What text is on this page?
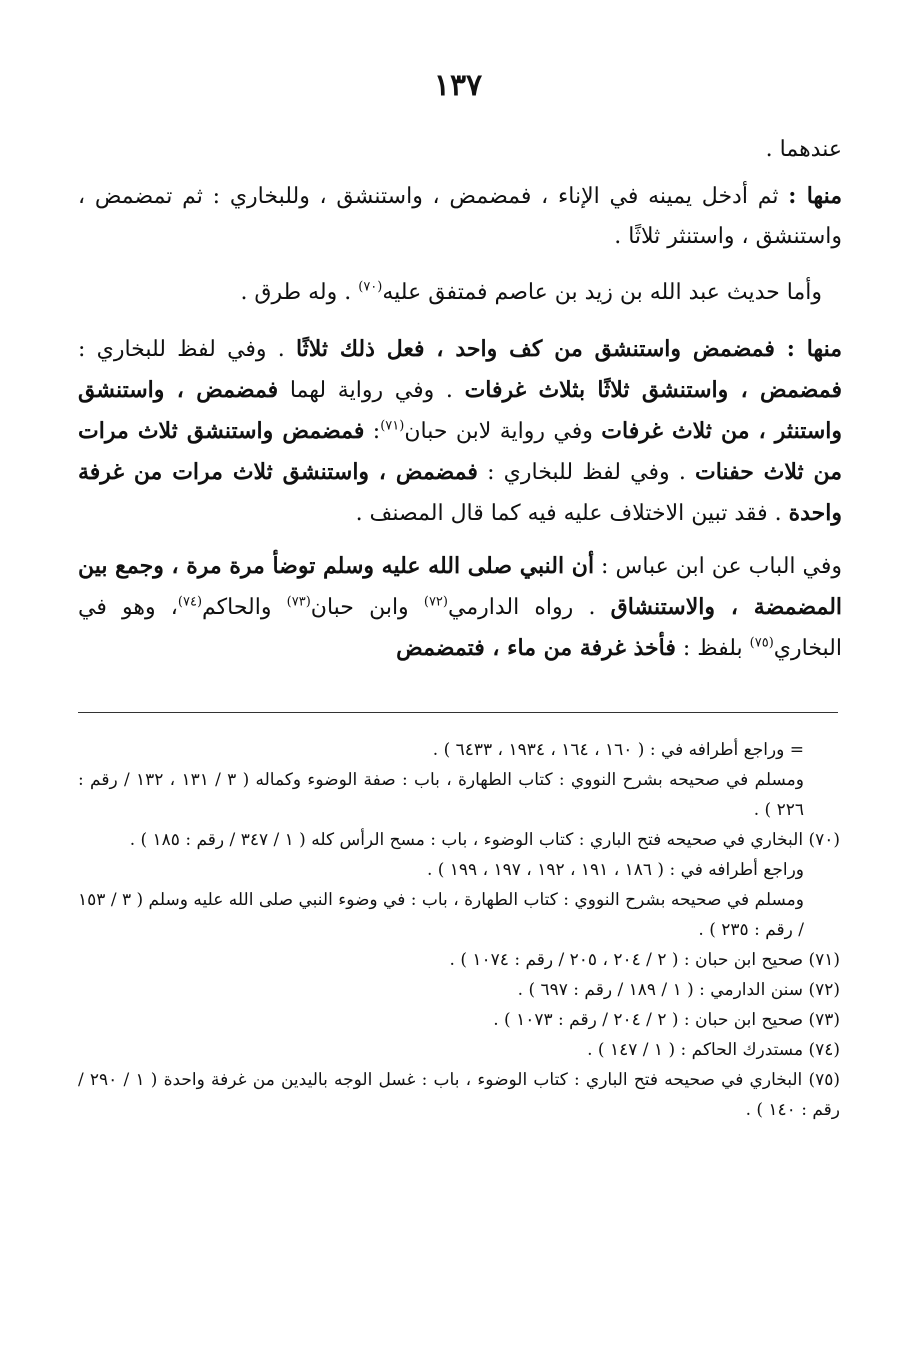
١٣٧

عندهما .

منها : ثم أدخل يمينه في الإناء ، فمضمض ، واستنشق ، وللبخاري : ثم تمضمض ، واستنشق ، واستنثر ثلاثًا .

وأما حديث عبد الله بن زيد بن عاصم فمتفق عليه$^{(٧٠)}$ . وله طرق .

منها : فمضمض واستنشق من كف واحد ، فعل ذلك ثلاثًا . وفي لفظ للبخاري : فمضمض ، واستنشق ثلاثًا بثلاث غرفات . وفي رواية لهما فمضمض ، واستنشق واستنثر ، من ثلاث غرفات وفي رواية لابن حبان$^{(٧١)}$: فمضمض واستنشق ثلاث مرات من ثلاث حفنات . وفي لفظ للبخاري : فمضمض ، واستنشق ثلاث مرات من غرفة واحدة . فقد تبين الاختلاف عليه فيه كما قال المصنف .

وفي الباب عن ابن عباس : أن النبي صلى الله عليه وسلم توضأ مرة مرة ، وجمع بين المضمضة ، والاستنشاق . رواه الدارمي$^{(٧٢)}$ وابن حبان$^{(٧٣)}$ والحاكم$^{(٧٤)}$، وهو في البخاري$^{(٧٥)}$ بلفظ : فأخذ غرفة من ماء ، فتمضمض

= وراجع أطرافه في : ( ١٦٠ ، ١٦٤ ، ١٩٣٤ ، ٦٤٣٣ ) .

ومسلم في صحيحه بشرح النووي : كتاب الطهارة ، باب : صفة الوضوء وكماله ( ٣ / ١٣١ ، ١٣٢ / رقم : ٢٢٦ ) .

(٧٠) البخاري في صحيحه فتح الباري : كتاب الوضوء ، باب : مسح الرأس كله ( ١ / ٣٤٧ / رقم : ١٨٥ ) .

وراجع أطرافه في : ( ١٨٦ ، ١٩١ ، ١٩٢ ، ١٩٧ ، ١٩٩ ) .

ومسلم في صحيحه بشرح النووي : كتاب الطهارة ، باب : في وضوء النبي صلى الله عليه وسلم ( ٣ / ١٥٣ / رقم : ٢٣٥ ) .

(٧١) صحيح ابن حبان : ( ٢ / ٢٠٤ ، ٢٠٥ / رقم : ١٠٧٤ ) .

(٧٢) سنن الدارمي : ( ١ / ١٨٩ / رقم : ٦٩٧ ) .

(٧٣) صحيح ابن حبان : ( ٢ / ٢٠٤ / رقم : ١٠٧٣ ) .

(٧٤) مستدرك الحاكم : ( ١ / ١٤٧ ) .

(٧٥) البخاري في صحيحه فتح الباري : كتاب الوضوء ، باب : غسل الوجه باليدين من غرفة واحدة ( ١ / ٢٩٠ / رقم : ١٤٠ ) .
